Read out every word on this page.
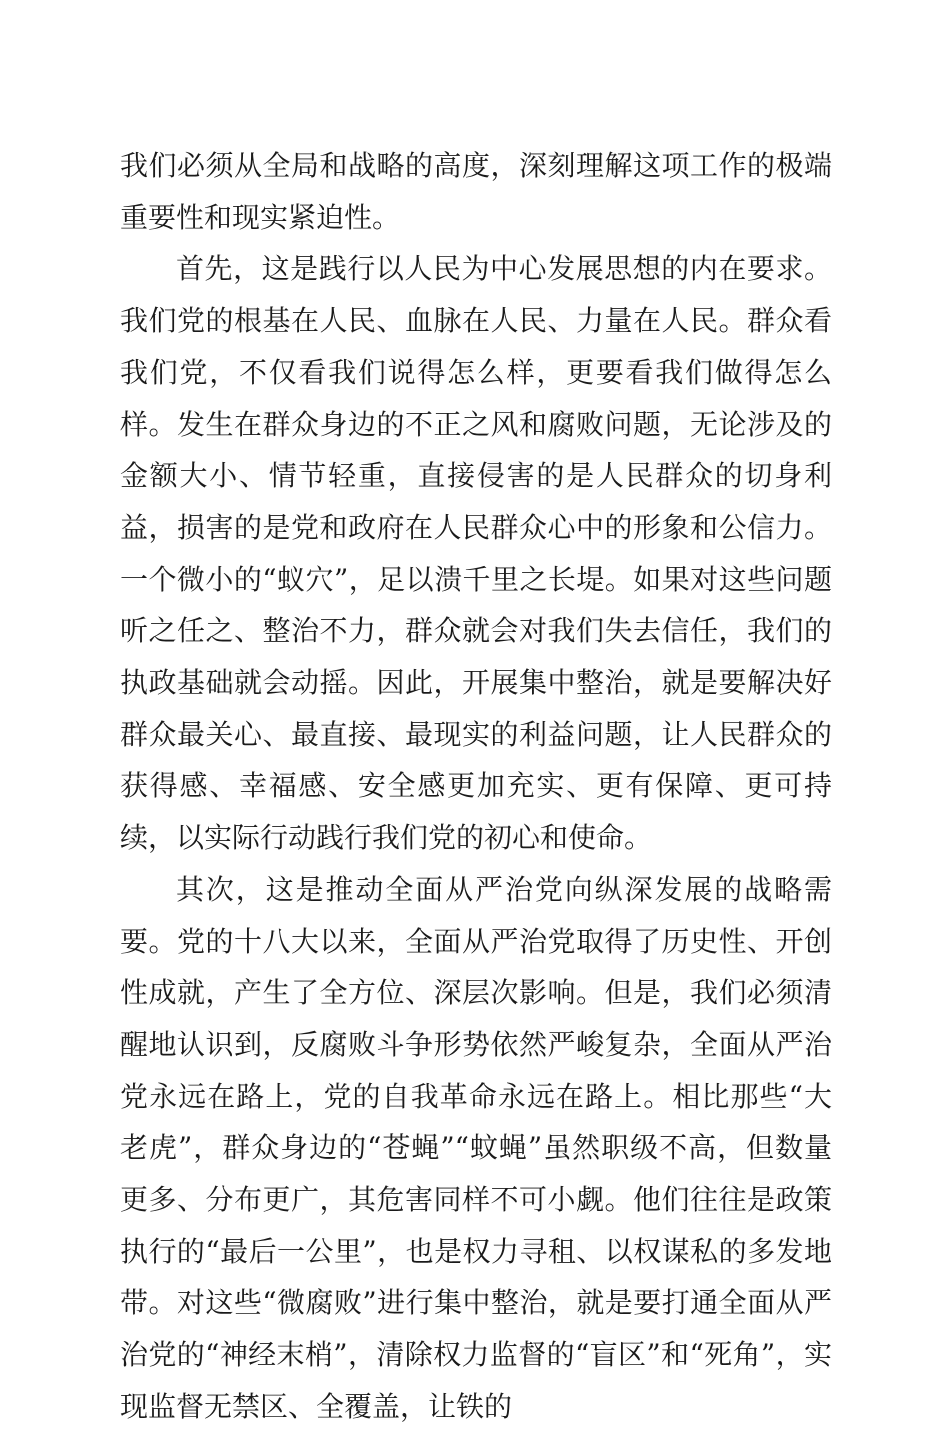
我们必须从全局和战略的高度，深刻理解这项工作的极端重要性和现实紧迫性。

首先，这是践行以人民为中心发展思想的内在要求。我们党的根基在人民、血脉在人民、力量在人民。群众看我们党，不仅看我们说得怎么样，更要看我们做得怎么样。发生在群众身边的不正之风和腐败问题，无论涉及的金额大小、情节轻重，直接侵害的是人民群众的切身利益，损害的是党和政府在人民群众心中的形象和公信力。一个微小的“蚁穴”，足以溃千里之长堤。如果对这些问题听之任之、整治不力，群众就会对我们失去信任，我们的执政基础就会动摇。因此，开展集中整治，就是要解决好群众最关心、最直接、最现实的利益问题，让人民群众的获得感、幸福感、安全感更加充实、更有保障、更可持续，以实际行动践行我们党的初心和使命。

其次，这是推动全面从严治党向纵深发展的战略需要。党的十八大以来，全面从严治党取得了历史性、开创性成就，产生了全方位、深层次影响。但是，我们必须清醒地认识到，反腐败斗争形势依然严峻复杂，全面从严治党永远在路上，党的自我革命永远在路上。相比那些“大老虎”，群众身边的“苍蝇”“蚊蝇”虽然职级不高，但数量更多、分布更广，其危害同样不可小觑。他们往往是政策执行的“最后一公里”，也是权力寻租、以权谋私的多发地带。对这些“微腐败”进行集中整治，就是要打通全面从严治党的“神经末梢”，清除权力监督的“盲区”和“死角”，实现监督无禁区、全覆盖，让铁的
